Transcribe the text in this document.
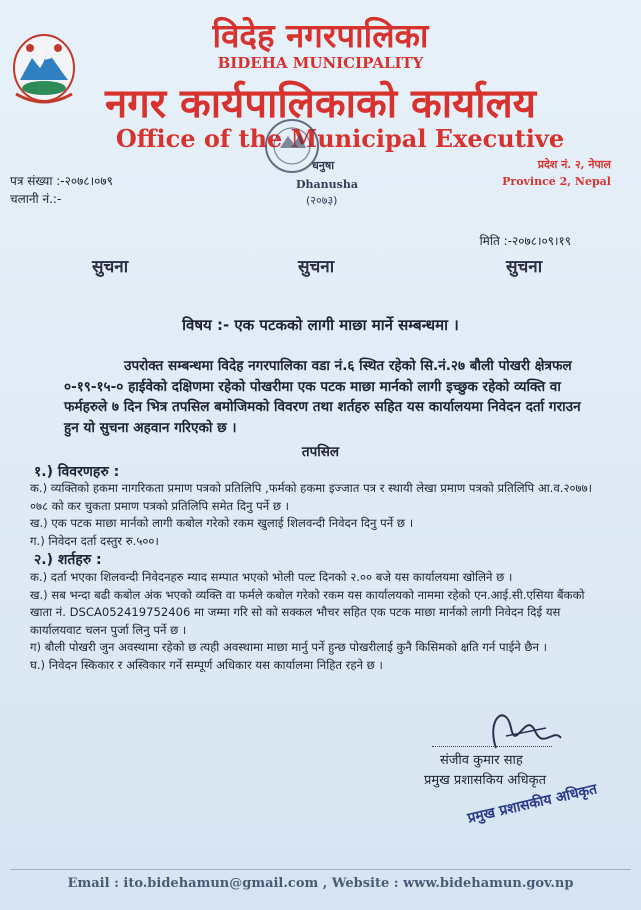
विदेह नगरपालिका
BIDEHA MUNICIPALITY
नगर कार्यपालिकाको कार्यालय
Office of the Municipal Executive
धनुषा
Dhanusha
(२०७३)
पत्र संख्या :-२०७८।०७९
चलानी नं.:-
प्रदेश नं. २, नेपाल
Province 2, Nepal
मिति :-२०७८।०९।१९
सुचना	सुचना	सुचना
विषय :- एक पटकको लागी माछा मार्ने सम्बन्धमा ।
उपरोक्त सम्बन्धमा विदेह नगरपालिका वडा नं.६ स्थित रहेको सि.नं.२७ बौली पोखरी क्षेत्रफल ०-१९-१५-० हाईवेको दक्षिणमा रहेको पोखरीमा एक पटक माछा मार्नको लागी इच्छुक रहेको व्यक्ति वा फर्महरुले ७ दिन भित्र तपसिल बमोजिमको विवरण तथा शर्तहरु सहित यस कार्यालयमा निवेदन दर्ता गराउन हुन यो सुचना अहवान गरिएको छ ।
तपसिल
१.) विवरणहरु :

क.) व्यक्तिको हकमा नागरिकता प्रमाण पत्रको प्रतिलिपि ,फर्मको हकमा इज्जात पत्र र स्थायी लेखा प्रमाण पत्रको प्रतिलिपि आ.व.२०७७।०७८ को कर चुकता प्रमाण पत्रको प्रतिलिपि समेत दिनु पर्ने छ ।

ख.) एक पटक माछा मार्नको लागी कबोल गरेको रकम खुलाई शिलवन्दी निवेदन दिनु पर्ने छ ।

ग.) निवेदन दर्ता दस्तुर रु.५००।

२.) शर्तहरु :

क.) दर्ता भएका शिलवन्दी निवेदनहरु म्याद सम्पात भएको भोली पल्ट दिनको २.०० बजे यस कार्यालयमा खोलिने छ ।

ख.) सब भन्दा बढी कबोल अंक भएको व्यक्ति वा फर्मले कबोल गरेको रकम यस कार्यालयको नाममा रहेको एन.आई.सी.एसिया बैंकको खाता नं. DSCA052419752406 मा जम्मा गरि सो को सक्कल भौचर सहित एक पटक माछा मार्नको लागी निवेदन दिई यस कार्यालयवाट चलन पुर्जा लिनु पर्ने छ ।

ग) बौली पोखरी जुन अवस्थामा रहेको छ त्यही अवस्थामा माछा मार्नु पर्ने हुन्छ पोखरीलाई कुनै किसिमको क्षति गर्न पाईने छैन ।

घ.) निवेदन स्किकार र अस्विकार गर्ने सम्पूर्ण अधिकार यस कार्यालमा निहित रहने छ ।

संजीव कुमार साह
प्रमुख प्रशासकिय अधिकृत
प्रमुख प्रशासकीय अधिकृत
Email : ito.bidehamun@gmail.com , Website : www.bidehamun.gov.np
